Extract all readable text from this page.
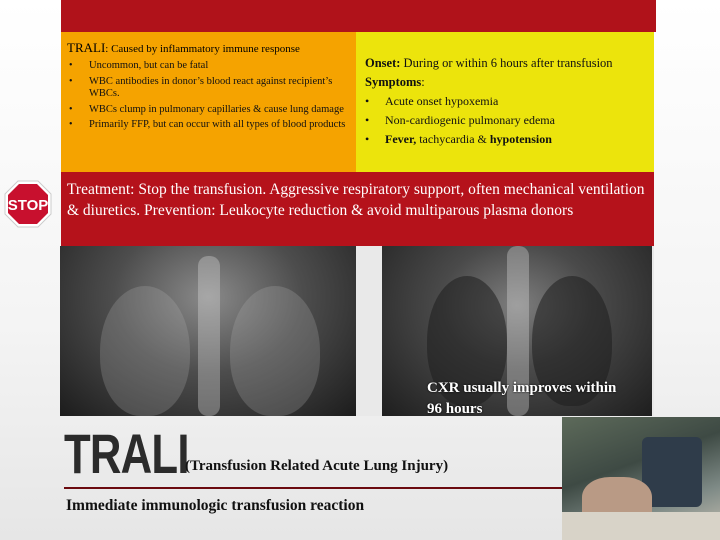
TRALI: Caused by inflammatory immune response
• Uncommon, but can be fatal
• WBC antibodies in donor’s blood react against recipient’s WBCs.
• WBCs clump in pulmonary capillaries & cause lung damage
• Primarily FFP, but can occur with all types of blood products
Onset: During or within 6 hours after transfusion
Symptoms:
• Acute onset hypoxemia
• Non-cardiogenic pulmonary edema
• Fever, tachycardia & hypotension
Treatment: Stop the transfusion. Aggressive respiratory support, often mechanical ventilation & diuretics. Prevention: Leukocyte reduction & avoid multiparous plasma donors
STOP
CXR usually improves within 96 hours
TRALI
(Transfusion Related Acute Lung Injury)
Immediate immunologic transfusion reaction
